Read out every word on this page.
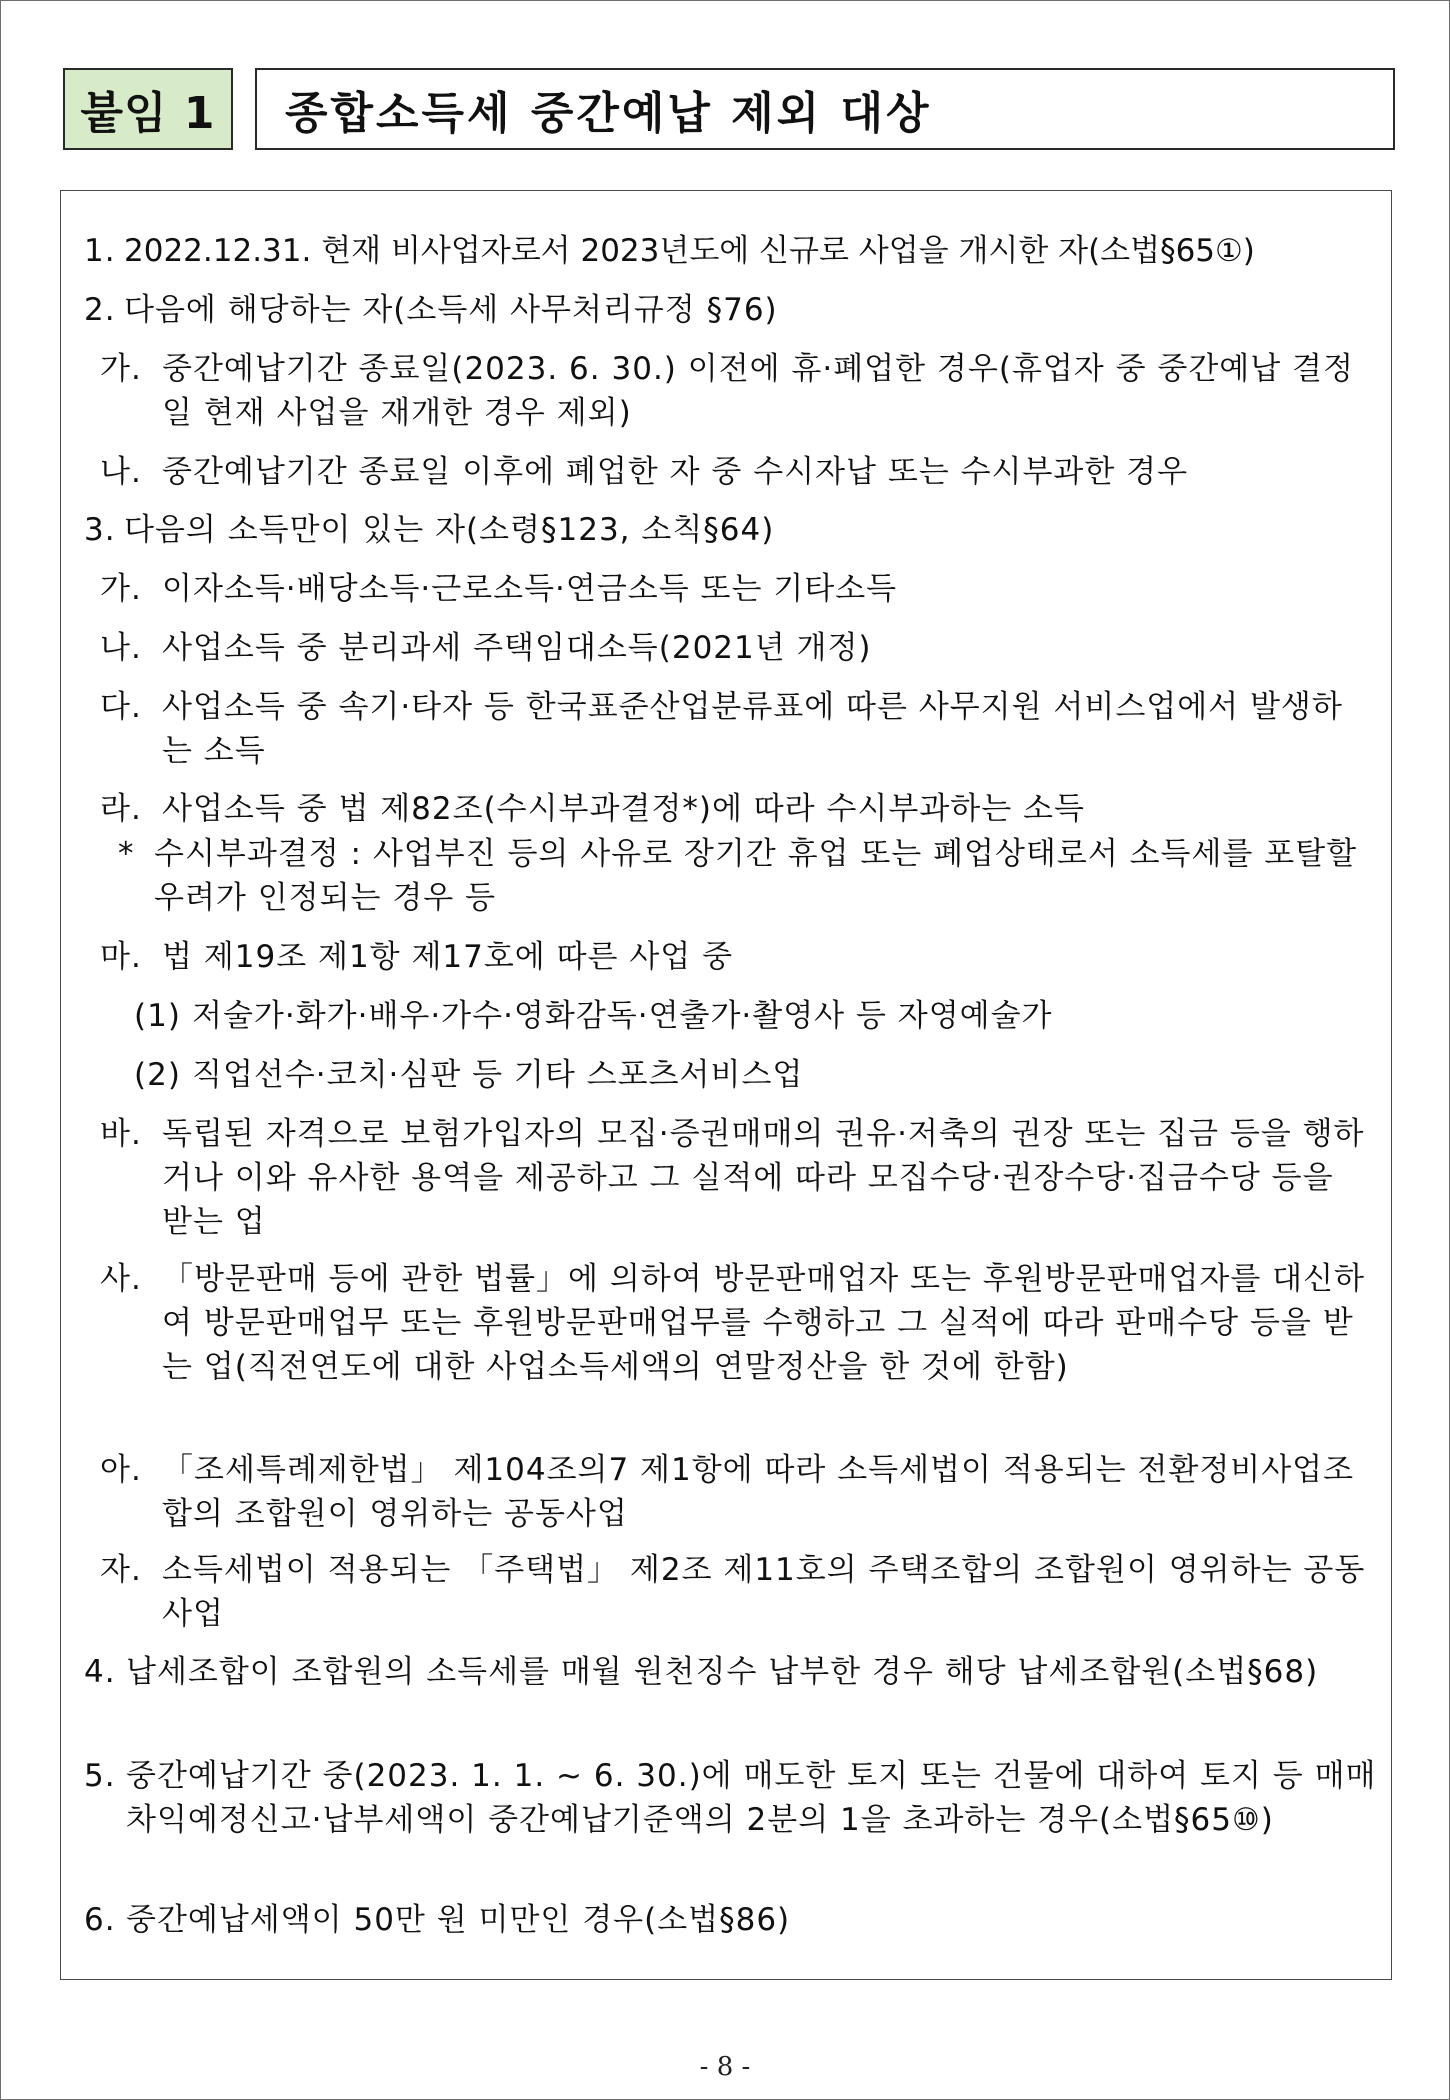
붙임 1	종합소득세 중간예납 제외 대상
1. 2022.12.31. 현재 비사업자로서 2023년도에 신규로 사업을 개시한 자(소법§65①)
2. 다음에 해당하는 자(소득세 사무처리규정 §76)
가. 중간예납기간 종료일(2023. 6. 30.) 이전에 휴·폐업한 경우(휴업자 중 중간예납 결정일 현재 사업을 재개한 경우 제외)
나. 중간예납기간 종료일 이후에 폐업한 자 중 수시자납 또는 수시부과한 경우
3. 다음의 소득만이 있는 자(소령§123, 소칙§64)
가. 이자소득·배당소득·근로소득·연금소득 또는 기타소득
나. 사업소득 중 분리과세 주택임대소득(2021년 개정)
다. 사업소득 중 속기·타자 등 한국표준산업분류표에 따른 사무지원 서비스업에서 발생하는 소득
라. 사업소득 중 법 제82조(수시부과결정*)에 따라 수시부과하는 소득
* 수시부과결정 : 사업부진 등의 사유로 장기간 휴업 또는 폐업상태로서 소득세를 포탈할 우려가 인정되는 경우 등
마. 법 제19조 제1항 제17호에 따른 사업 중
(1) 저술가·화가·배우·가수·영화감독·연출가·촬영사 등 자영예술가
(2) 직업선수·코치·심판 등 기타 스포츠서비스업
바. 독립된 자격으로 보험가입자의 모집·증권매매의 권유·저축의 권장 또는 집금 등을 행하거나 이와 유사한 용역을 제공하고 그 실적에 따라 모집수당·권장수당·집금수당 등을 받는 업
사. 「방문판매 등에 관한 법률」에 의하여 방문판매업자 또는 후원방문판매업자를 대신하여 방문판매업무 또는 후원방문판매업무를 수행하고 그 실적에 따라 판매수당 등을 받는 업(직전연도에 대한 사업소득세액의 연말정산을 한 것에 한함)
아. 「조세특례제한법」 제104조의7 제1항에 따라 소득세법이 적용되는 전환정비사업조합의 조합원이 영위하는 공동사업
자. 소득세법이 적용되는 「주택법」 제2조 제11호의 주택조합의 조합원이 영위하는 공동사업
4. 납세조합이 조합원의 소득세를 매월 원천징수 납부한 경우 해당 납세조합원(소법§68)
5. 중간예납기간 중(2023. 1. 1. ~ 6. 30.)에 매도한 토지 또는 건물에 대하여 토지 등 매매차익예정신고·납부세액이 중간예납기준액의 2분의 1을 초과하는 경우(소법§65⑩)
6. 중간예납세액이 50만 원 미만인 경우(소법§86)
- 8 -
